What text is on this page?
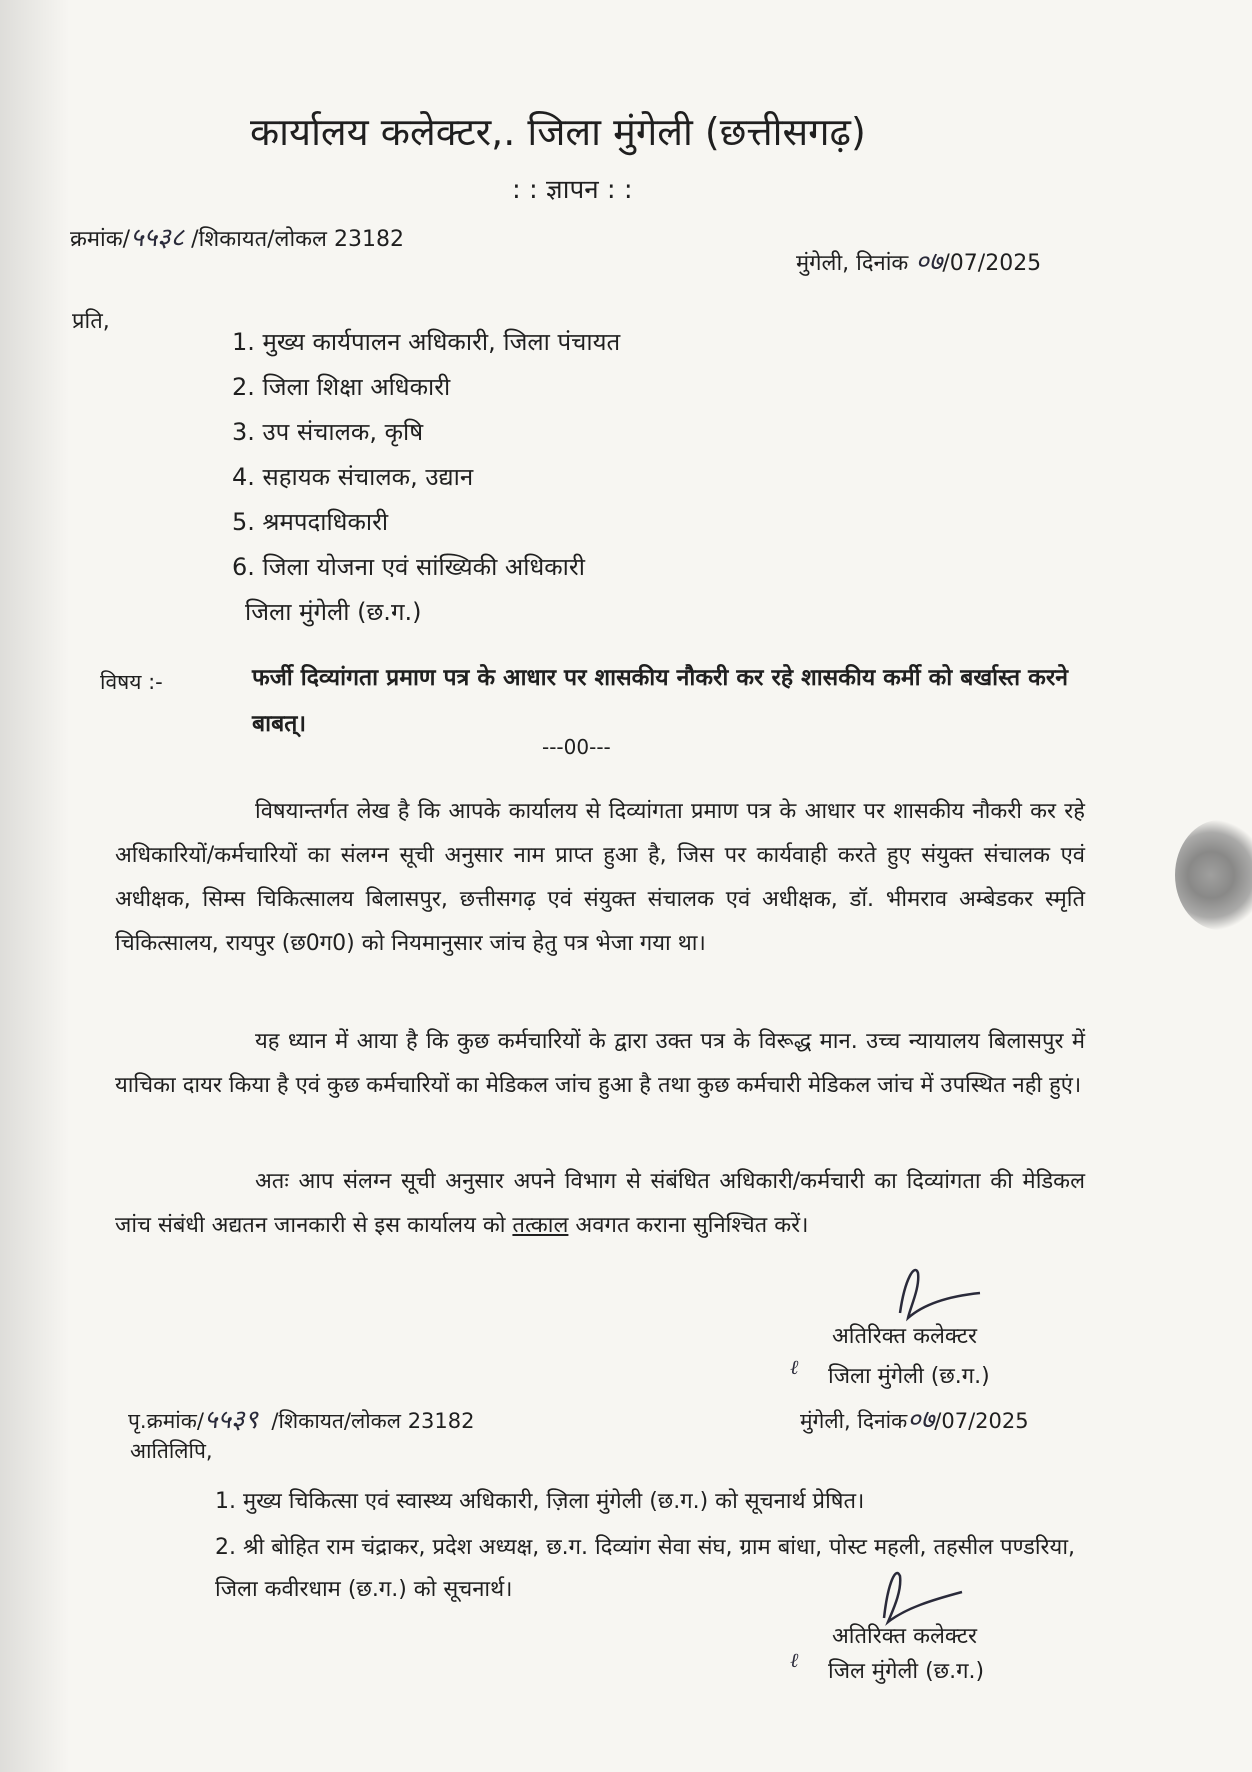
कार्यालय कलेक्टर,. जिला मुंगेली (छत्तीसगढ़)
: : ज्ञापन : :
क्रमांक/५५३८ /शिकायत/लोकल 23182
मुंगेली, दिनांक ०७/07/2025
प्रति,
1. मुख्य कार्यपालन अधिकारी, जिला पंचायत
2. जिला शिक्षा अधिकारी
3. उप संचालक, कृषि
4. सहायक संचालक, उद्यान
5. श्रमपदाधिकारी
6. जिला योजना एवं सांख्यिकी अधिकारी
जिला मुंगेली (छ.ग.)
विषय :-	फर्जी दिव्यांगता प्रमाण पत्र के आधार पर शासकीय नौकरी कर रहे शासकीय कर्मी को बर्खास्त करने बाबत्।
---00---
विषयान्तर्गत लेख है कि आपके कार्यालय से दिव्यांगता प्रमाण पत्र के आधार पर शासकीय नौकरी कर रहे अधिकारियों/कर्मचारियों का संलग्न सूची अनुसार नाम प्राप्त हुआ है, जिस पर कार्यवाही करते हुए संयुक्त संचालक एवं अधीक्षक, सिम्स चिकित्सालय बिलासपुर, छत्तीसगढ़ एवं संयुक्त संचालक एवं अधीक्षक, डॉ. भीमराव अम्बेडकर स्मृति चिकित्सालय, रायपुर (छ0ग0) को नियमानुसार जांच हेतु पत्र भेजा गया था।
यह ध्यान में आया है कि कुछ कर्मचारियों के द्वारा उक्त पत्र के विरूद्ध मान. उच्च न्यायालय बिलासपुर में याचिका दायर किया है एवं कुछ कर्मचारियों का मेडिकल जांच हुआ है तथा कुछ कर्मचारी मेडिकल जांच में उपस्थित नही हुएं।
अतः आप संलग्न सूची अनुसार अपने विभाग से संबंधित अधिकारी/कर्मचारी का दिव्यांगता की मेडिकल जांच संबंधी अद्यतन जानकारी से इस कार्यालय को तत्काल अवगत कराना सुनिश्चित करें।
अतिरिक्त कलेक्टर
ℓ जिला मुंगेली (छ.ग.)
पृ.क्रमांक/५५३९ /शिकायत/लोकल 23182	मुंगेली, दिनांक०७/07/2025
आतिलिपि,
1. मुख्य चिकित्सा एवं स्वास्थ्य अधिकारी, ज़िला मुंगेली (छ.ग.) को सूचनार्थ प्रेषित।
2. श्री बोहित राम चंद्राकर, प्रदेश अध्यक्ष, छ.ग. दिव्यांग सेवा संघ, ग्राम बांधा, पोस्ट महली, तहसील पण्डरिया, जिला कवीरधाम (छ.ग.) को सूचनार्थ।
अतिरिक्त कलेक्टर
ℓ जिल मुंगेली (छ.ग.)
